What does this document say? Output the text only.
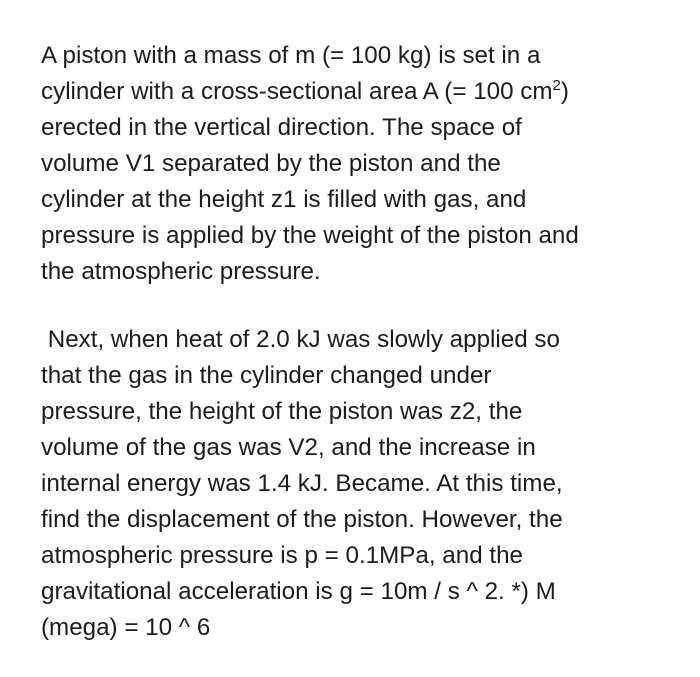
A piston with a mass of m (= 100 kg) is set in a
cylinder with a cross-sectional area A (= 100 $cm^2$)
erected in the vertical direction. The space of
volume V1 separated by the piston and the
cylinder at the height z1 is filled with gas, and
pressure is applied by the weight of the piston and
the atmospheric pressure.
Next, when heat of 2.0 kJ was slowly applied so
that the gas in the cylinder changed under
pressure, the height of the piston was z2, the
volume of the gas was V2, and the increase in
internal energy was 1.4 kJ. Became. At this time,
find the displacement of the piston. However, the
atmospheric pressure is p = 0.1MPa, and the
gravitational acceleration is g = 10m / s ^ 2. *) M
(mega) = 10 ^ 6
